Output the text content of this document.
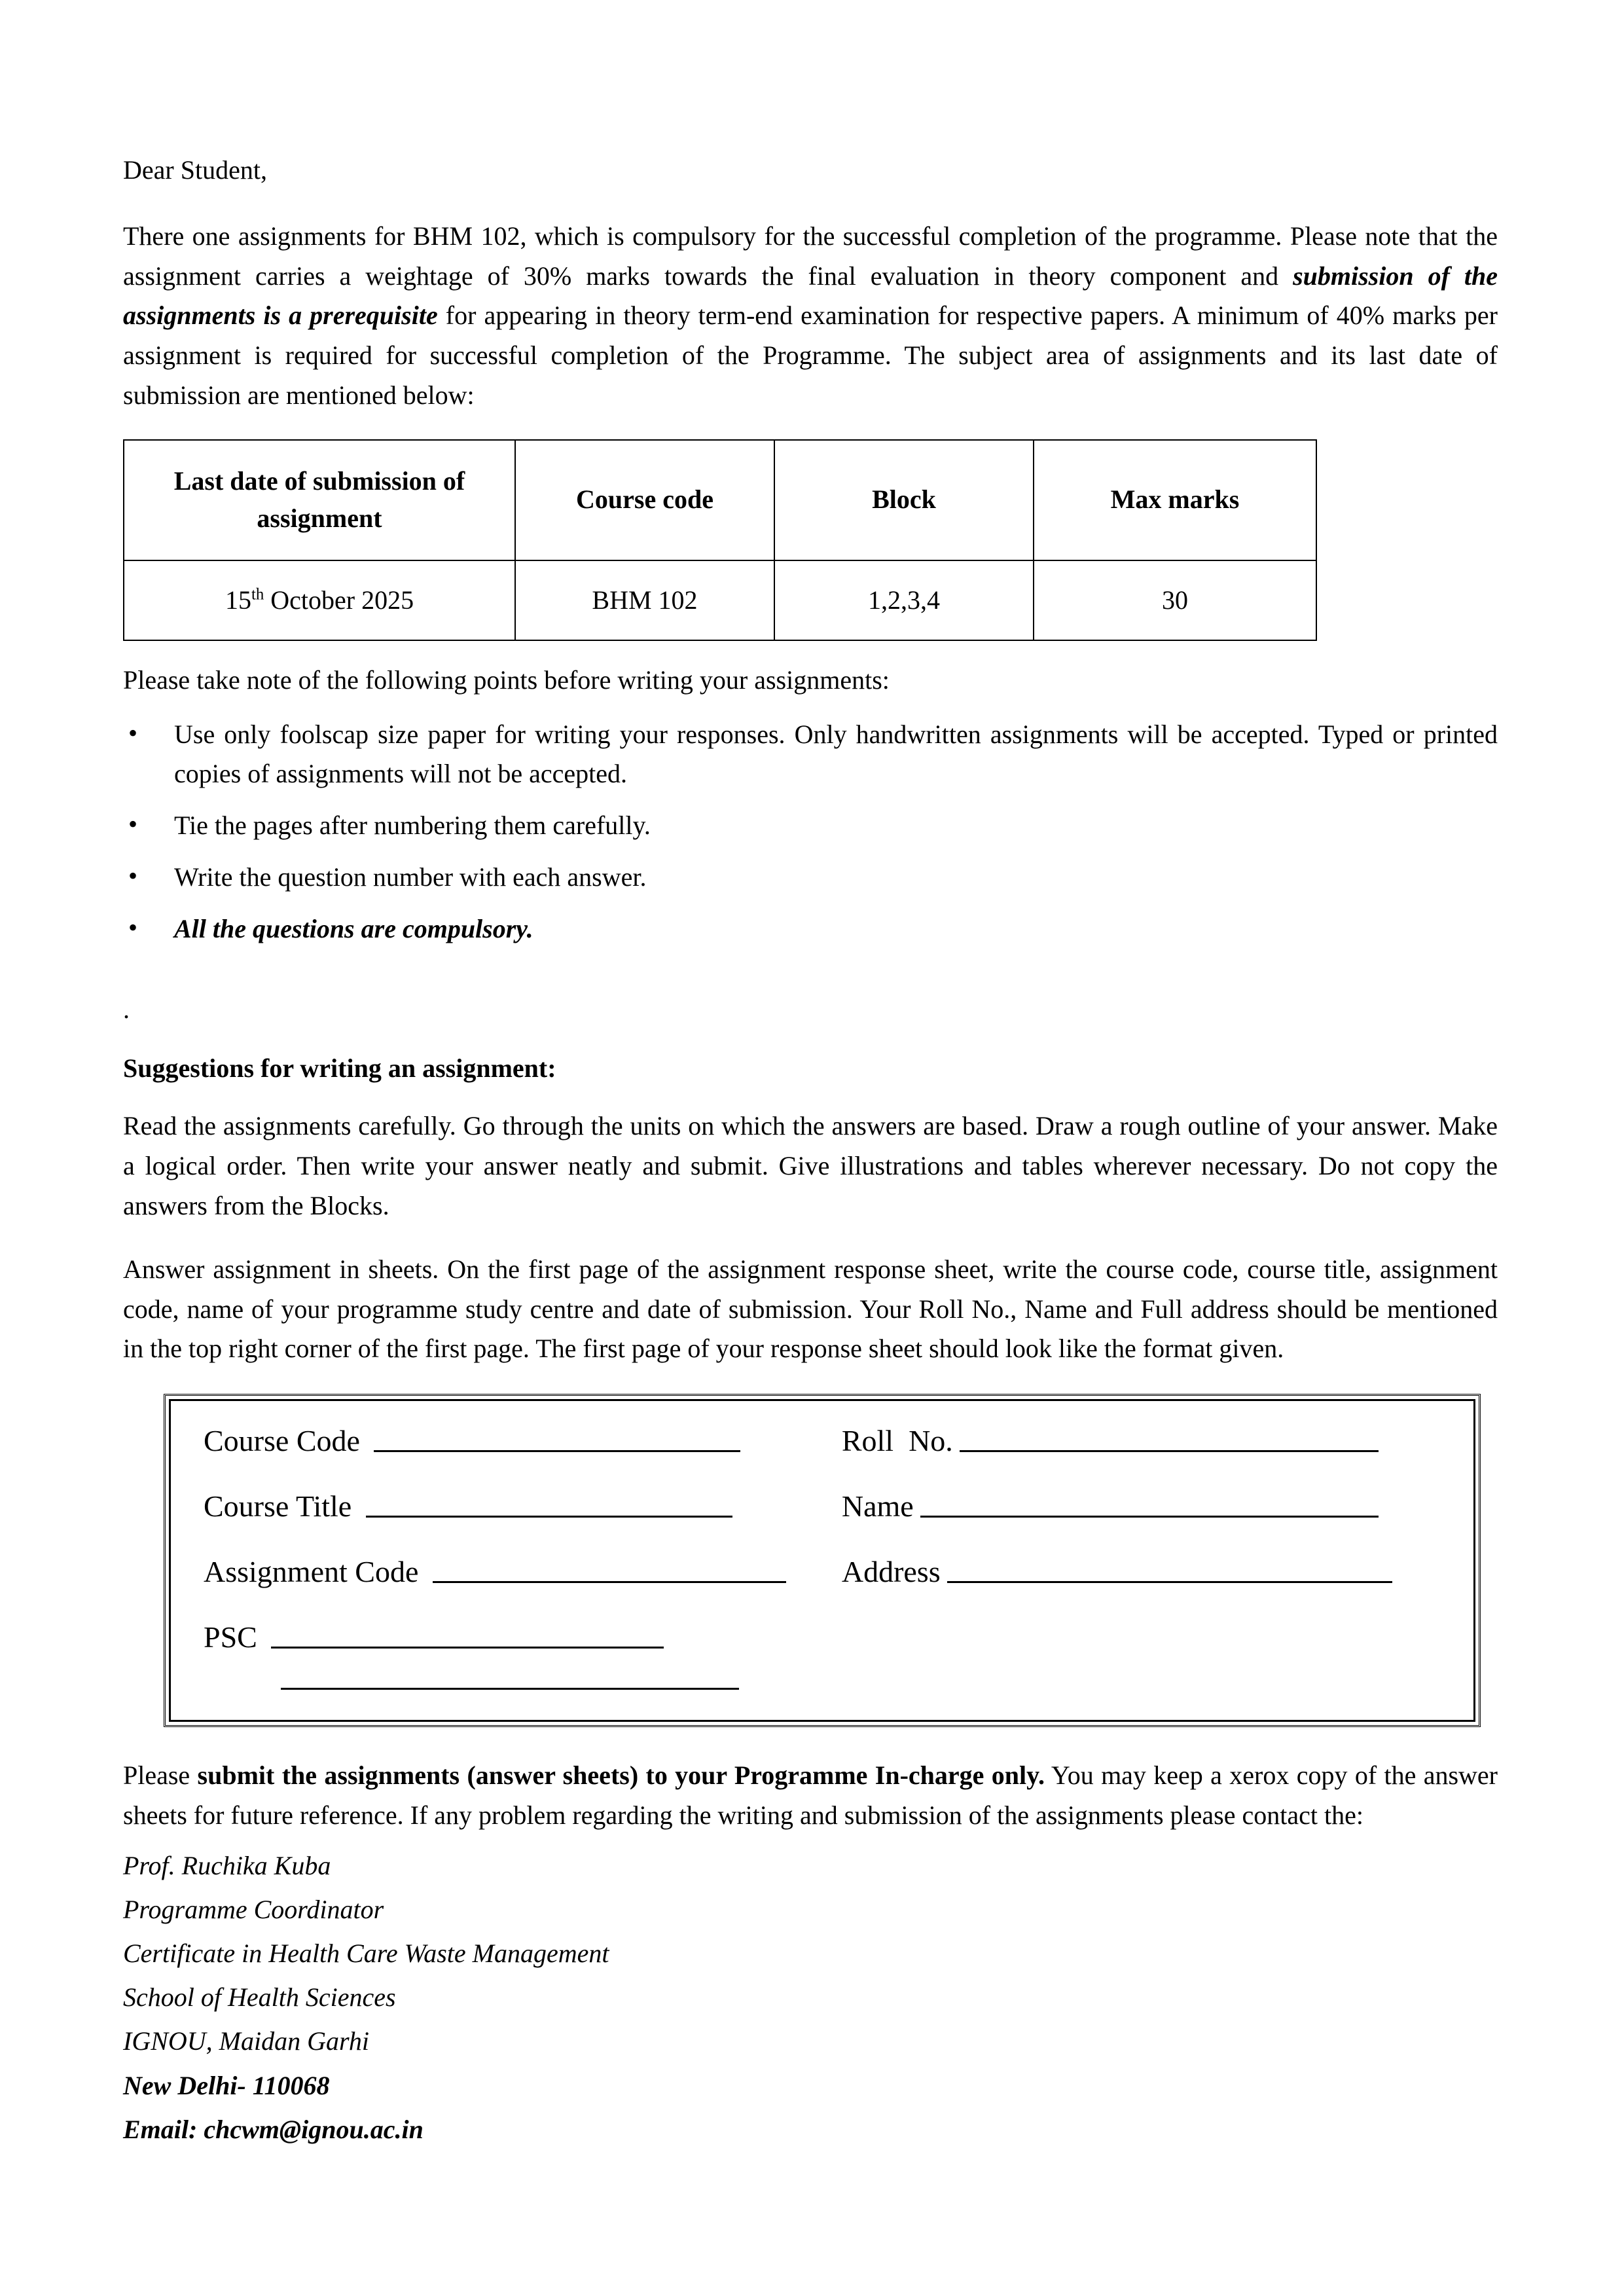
Dear Student,

There one assignments for BHM 102, which is compulsory for the successful completion of the programme. Please note that the assignment carries a weightage of 30% marks towards the final evaluation in theory component and submission of the assignments is a prerequisite for appearing in theory term-end examination for respective papers. A minimum of 40% marks per assignment is required for successful completion of the Programme. The subject area of assignments and its last date of submission are mentioned below:

Last date of submission of assignment	Course code	Block	Max marks
15th October 2025	BHM 102	1,2,3,4	30

Please take note of the following points before writing your assignments:

• Use only foolscap size paper for writing your responses. Only handwritten assignments will be accepted. Typed or printed copies of assignments will not be accepted.
• Tie the pages after numbering them carefully.
• Write the question number with each answer.
• All the questions are compulsory.
.

Suggestions for writing an assignment:

Read the assignments carefully. Go through the units on which the answers are based. Draw a rough outline of your answer. Make a logical order. Then write your answer neatly and submit. Give illustrations and tables wherever necessary. Do not copy the answers from the Blocks.

Answer assignment in sheets. On the first page of the assignment response sheet, write the course code, course title, assignment code, name of your programme study centre and date of submission. Your Roll No., Name and Full address should be mentioned in the top right corner of the first page. The first page of your response sheet should look like the format given.

Course Code	Roll  No.
Course Title	Name
Assignment Code	Address
PSC

Please submit the assignments (answer sheets) to your Programme In-charge only. You may keep a xerox copy of the answer sheets for future reference. If any problem regarding the writing and submission of the assignments please contact the:

Prof. Ruchika Kuba
Programme Coordinator
Certificate in Health Care Waste Management
School of Health Sciences
IGNOU, Maidan Garhi
New Delhi- 110068
Email: chcwm@ignou.ac.in
